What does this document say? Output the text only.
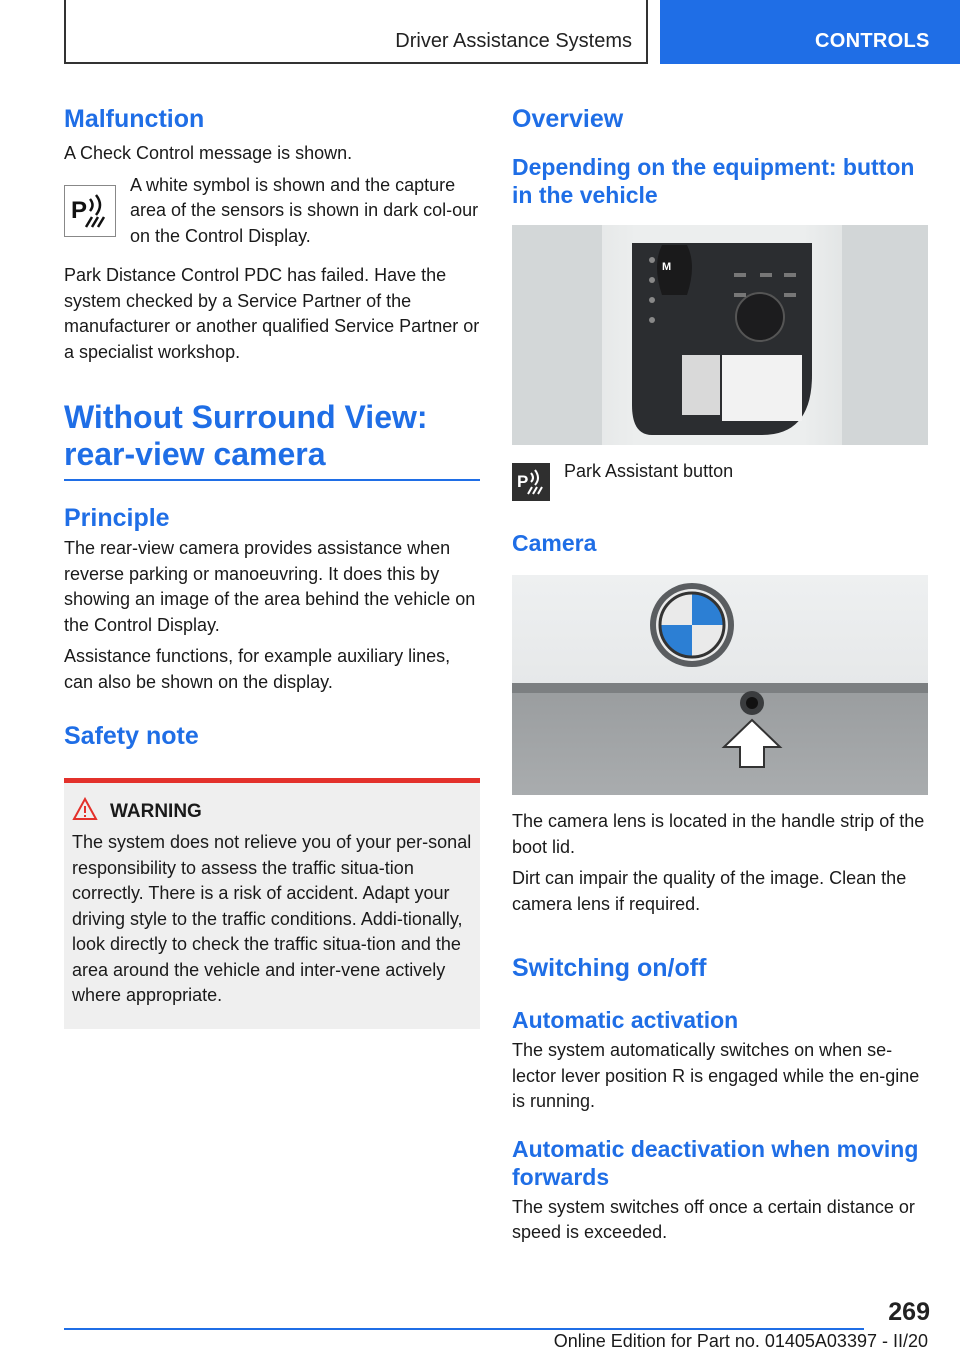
Driver Assistance Systems	CONTROLS
Malfunction

A Check Control message is shown.

P

A white symbol is shown and the capture area of the sensors is shown in dark col‐our on the Control Display.

Park Distance Control PDC has failed. Have the system checked by a Service Partner of the manufacturer or another qualified Service Partner or a specialist workshop.

Without Surround View:
rear-view camera
Principle

The rear-view camera provides assistance when reverse parking or manoeuvring. It does this by showing an image of the area behind the vehicle on the Control Display.

Assistance functions, for example auxiliary lines, can also be shown on the display.

Safety note
WARNING

The system does not relieve you of your per‐sonal responsibility to assess the traffic situa‐tion correctly. There is a risk of accident. Adapt your driving style to the traffic conditions. Addi‐tionally, look directly to check the traffic situa‐tion and the area around the vehicle and inter‐vene actively where appropriate.

Overview
Depending on the equipment: button in the vehicle
M
P

Park Assistant button

Camera

The camera lens is located in the handle strip of the boot lid.

Dirt can impair the quality of the image. Clean the camera lens if required.

Switching on/off
Automatic activation

The system automatically switches on when se‐lector lever position R is engaged while the en‐gine is running.

Automatic deactivation when moving forwards

The system switches off once a certain distance or speed is exceeded.

269
Online Edition for Part no. 01405A03397 - II/20
